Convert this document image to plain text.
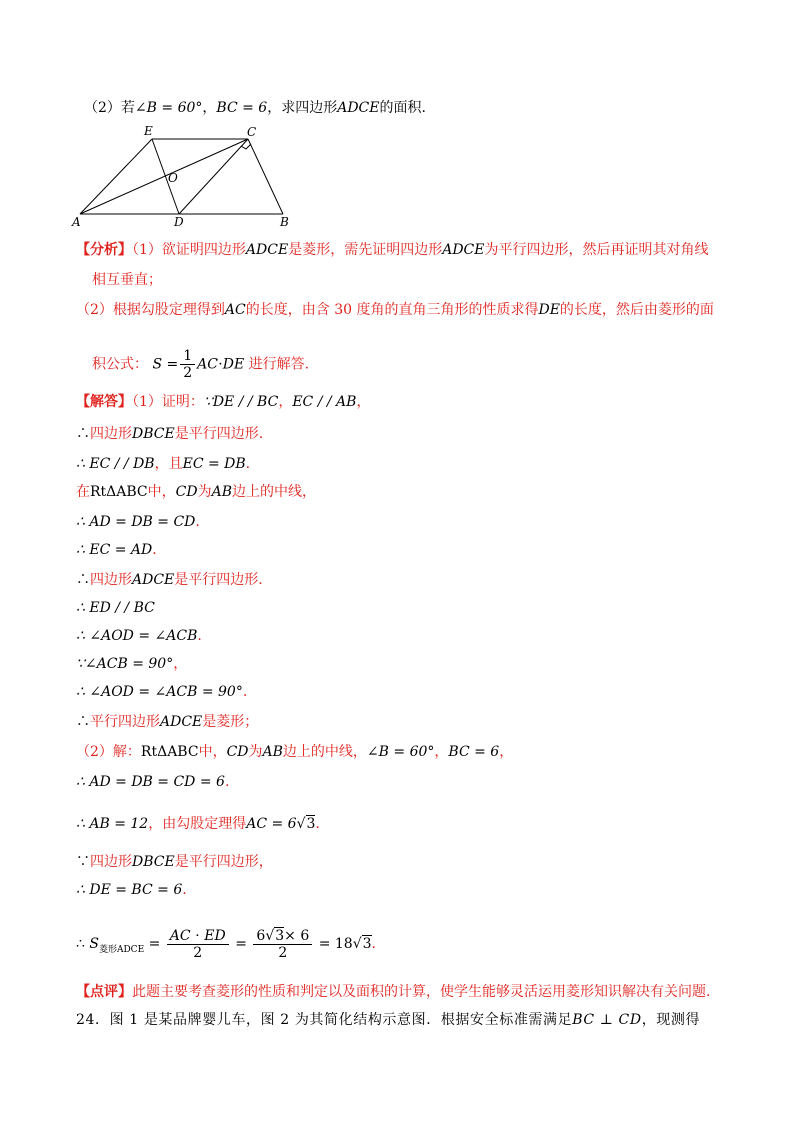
（2）若∠B = 60°，BC = 6，求四边形ADCE的面积.
E	C
O
A	D	B
【分析】（1）欲证明四边形ADCE是菱形，需先证明四边形ADCE为平行四边形，然后再证明其对角线
相互垂直；
（2）根据勾股定理得到AC的长度，由含 30 度角的直角三角形的性质求得DE的长度，然后由菱形的面
积公式： $S = \frac{1}{2} AC\cdot DE$ 进行解答.
【解答】（1）证明：∵DE / / BC，EC / / AB，
∴四边形DBCE是平行四边形.
∴ EC / / DB，且EC = DB.
在RtΔABC中，CD为AB边上的中线，
∴ AD = DB = CD.
∴ EC = AD.
∴四边形ADCE是平行四边形.
∴ ED / / BC
∴ ∠AOD = ∠ACB.
∵∠ACB = 90°，
∴ ∠AOD = ∠ACB = 90°.
∴平行四边形ADCE是菱形；
（2）解：RtΔABC中，CD为AB边上的中线，∠B = 60°，BC = 6，
∴ AD = DB = CD = 6.
∴ AB = 12，由勾股定理得AC = 6√3.
∵四边形DBCE是平行四边形，
∴ DE = BC = 6.
∴ $S_{菱形ADCE} = \frac{AC \cdot ED}{2} = \frac{6√3\times 6}{2} = 18√3$.
【点评】此题主要考查菱形的性质和判定以及面积的计算，使学生能够灵活运用菱形知识解决有关问题.
24．图 1 是某品牌婴儿车，图 2 为其简化结构示意图．根据安全标准需满足BC ⊥ CD，现测得
